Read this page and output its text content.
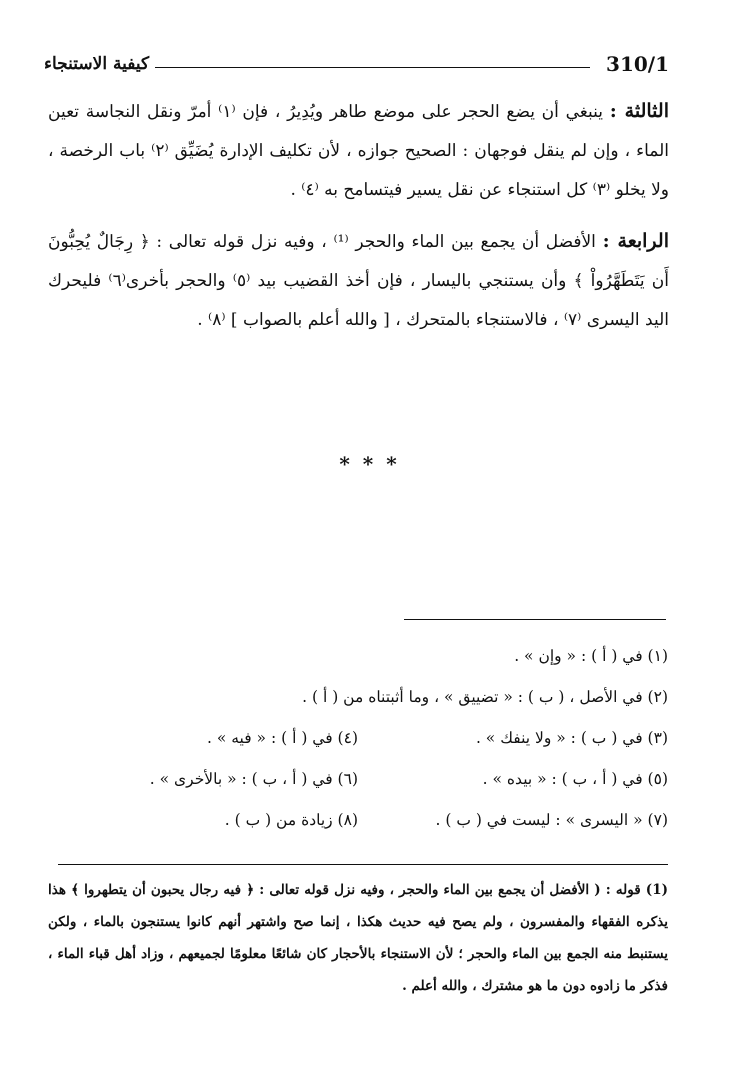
310/1
كيفية الاستنجاء

الثالثة : ينبغي أن يضع الحجر على موضع طاهر ويُدِيرُ ، فإن ⁽١⁾ أمرّ ونقل النجاسة تعين الماء ، وإن لم ينقل فوجهان : الصحيح جوازه ، لأن تكليف الإدارة يُضَيِّق ⁽٢⁾ باب الرخصة ، ولا يخلو ⁽٣⁾ كل استنجاء عن نقل يسير فيتسامح به ⁽٤⁾ .

الرابعة : الأفضل أن يجمع بين الماء والحجر ⁽¹⁾ ، وفيه نزل قوله تعالى : ﴿ رِجَالٌ يُحِبُّونَ أَن يَتَطَهَّرُواْ ﴾ وأن يستنجي باليسار ، فإن أخذ القضيب بيد ⁽٥⁾ والحجر بأخرى⁽٦⁾ فليحرك اليد اليسرى ⁽٧⁾ ، فالاستنجاء بالمتحرك ، [ والله أعلم بالصواب ] ⁽٨⁾ .

* * *
(١) في ( أ ) : « وإن » .
(٢) في الأصل ، ( ب ) : « تضييق » ، وما أثبتناه من ( أ ) .
(٣) في ( ب ) : « ولا ينفك » .
(٤) في ( أ ) : « فيه » .
(٥) في ( أ ، ب ) : « بيده » .
(٦) في ( أ ، ب ) : « بالأخرى » .
(٧) « اليسرى » : ليست في ( ب ) .
(٨) زيادة من ( ب ) .
(1) قوله : ( الأفضل أن يجمع بين الماء والحجر ، وفيه نزل قوله تعالى : ﴿ فيه رجال يحبون أن يتطهروا ﴾ هذا يذكره الفقهاء والمفسرون ، ولم يصح فيه حديث هكذا ، إنما صح واشتهر أنهم كانوا يستنجون بالماء ، ولكن يستنبط منه الجمع بين الماء والحجر ؛ لأن الاستنجاء بالأحجار كان شائعًا معلومًا لجميعهم ، وزاد أهل قباء الماء ، فذكر ما زادوه دون ما هو مشترك ، والله أعلم .
